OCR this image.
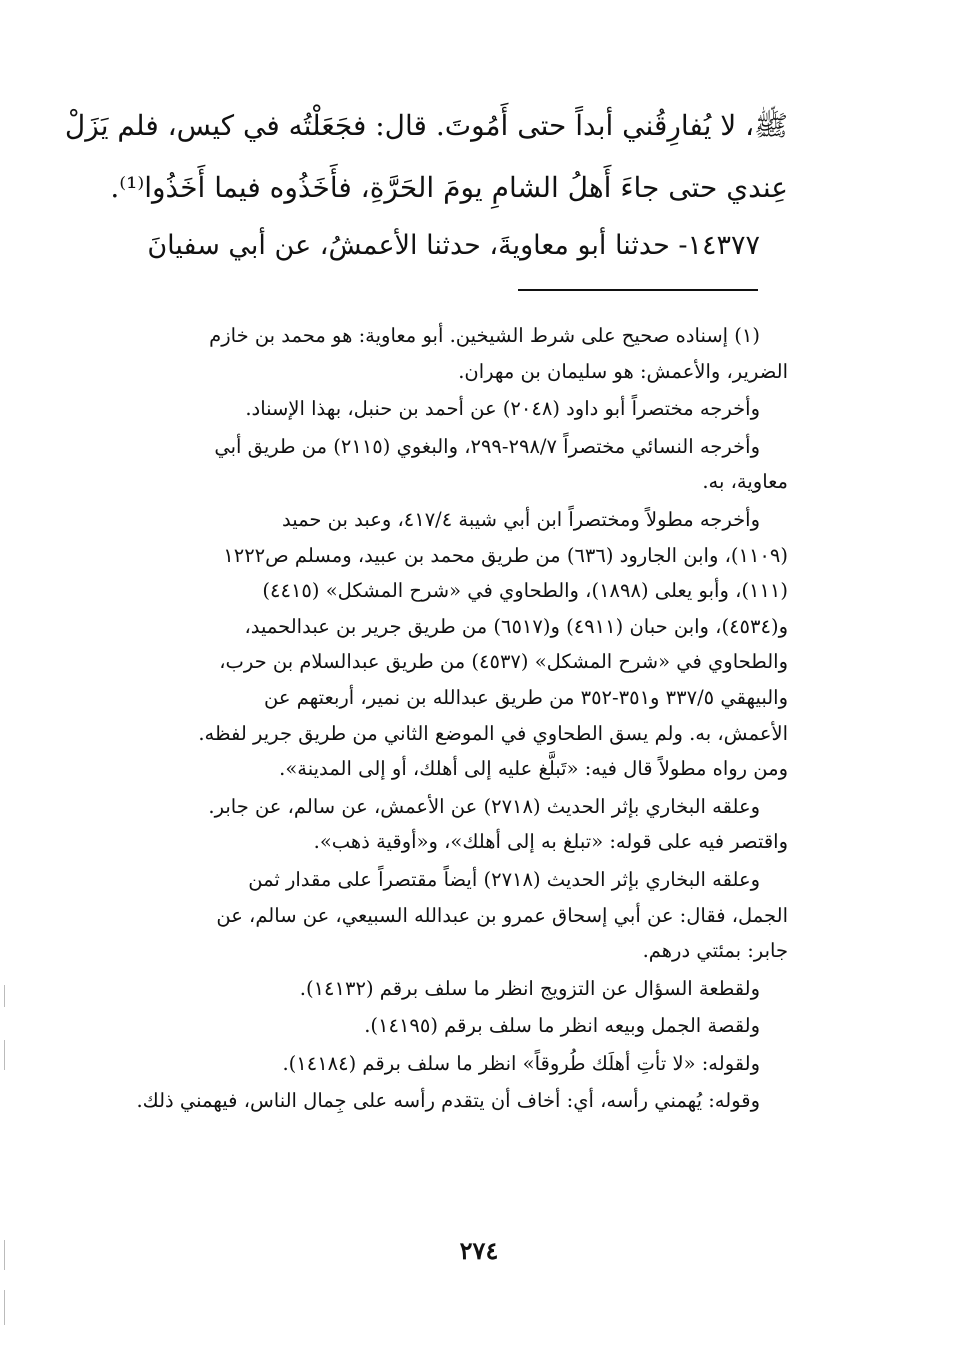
ﷺ، لا يُفارِقُني أبداً حتى أَمُوتَ. قال: فجَعَلْتُه في كيس، فلم يَزَلْ

عِندي حتى جاءَ أَهلُ الشامِ يومَ الحَرَّةِ، فأَخَذُوه فيما أَخَذُوا⁽¹⁾.

١٤٣٧٧- حدثنا أبو معاويةَ، حدثنا الأعمشُ، عن أبي سفيانَ

(١) إسناده صحيح على شرط الشيخين. أبو معاوية: هو محمد بن خازم
الضرير، والأعمش: هو سليمان بن مهران.

وأخرجه مختصراً أبو داود (٢٠٤٨) عن أحمد بن حنبل، بهذا الإسناد.

وأخرجه النسائي مختصراً ٢٩٨/٧-٢٩٩، والبغوي (٢١١٥) من طريق أبي
معاوية، به.

وأخرجه مطولاً ومختصراً ابن أبي شيبة ٤١٧/٤، وعبد بن حميد
(١١٠٩)، وابن الجارود (٦٣٦) من طريق محمد بن عبيد، ومسلم ص١٢٢٢
(١١١)، وأبو يعلى (١٨٩٨)، والطحاوي في «شرح المشكل» (٤٤١٥)
و(٤٥٣٤)، وابن حبان (٤٩١١) و(٦٥١٧) من طريق جرير بن عبدالحميد،
والطحاوي في «شرح المشكل» (٤٥٣٧) من طريق عبدالسلام بن حرب،
والبيهقي ٣٣٧/٥ و٣٥١-٣٥٢ من طريق عبدالله بن نمير، أربعتهم عن
الأعمش، به. ولم يسق الطحاوي في الموضع الثاني من طريق جرير لفظه.
ومن رواه مطولاً قال فيه: «تَبلَّغ عليه إلى أهلك، أو إلى المدينة».

وعلقه البخاري بإثر الحديث (٢٧١٨) عن الأعمش، عن سالم، عن جابر.
واقتصر فيه على قوله: «تبلغ به إلى أهلك»، و«أوقية ذهب».

وعلقه البخاري بإثر الحديث (٢٧١٨) أيضاً مقتصراً على مقدار ثمن
الجمل، فقال: عن أبي إسحاق عمرو بن عبدالله السبيعي، عن سالم، عن
جابر: بمئتي درهم.

ولقطعة السؤال عن التزويج انظر ما سلف برقم (١٤١٣٢).

ولقصة الجمل وبيعه انظر ما سلف برقم (١٤١٩٥).

ولقوله: «لا تأتِ أهلَك طُروقاً» انظر ما سلف برقم (١٤١٨٤).

وقوله: يُهمني رأسه، أي: أخاف أن يتقدم رأسه على جِمال الناس، فيهمني ذلك.

٢٧٤
